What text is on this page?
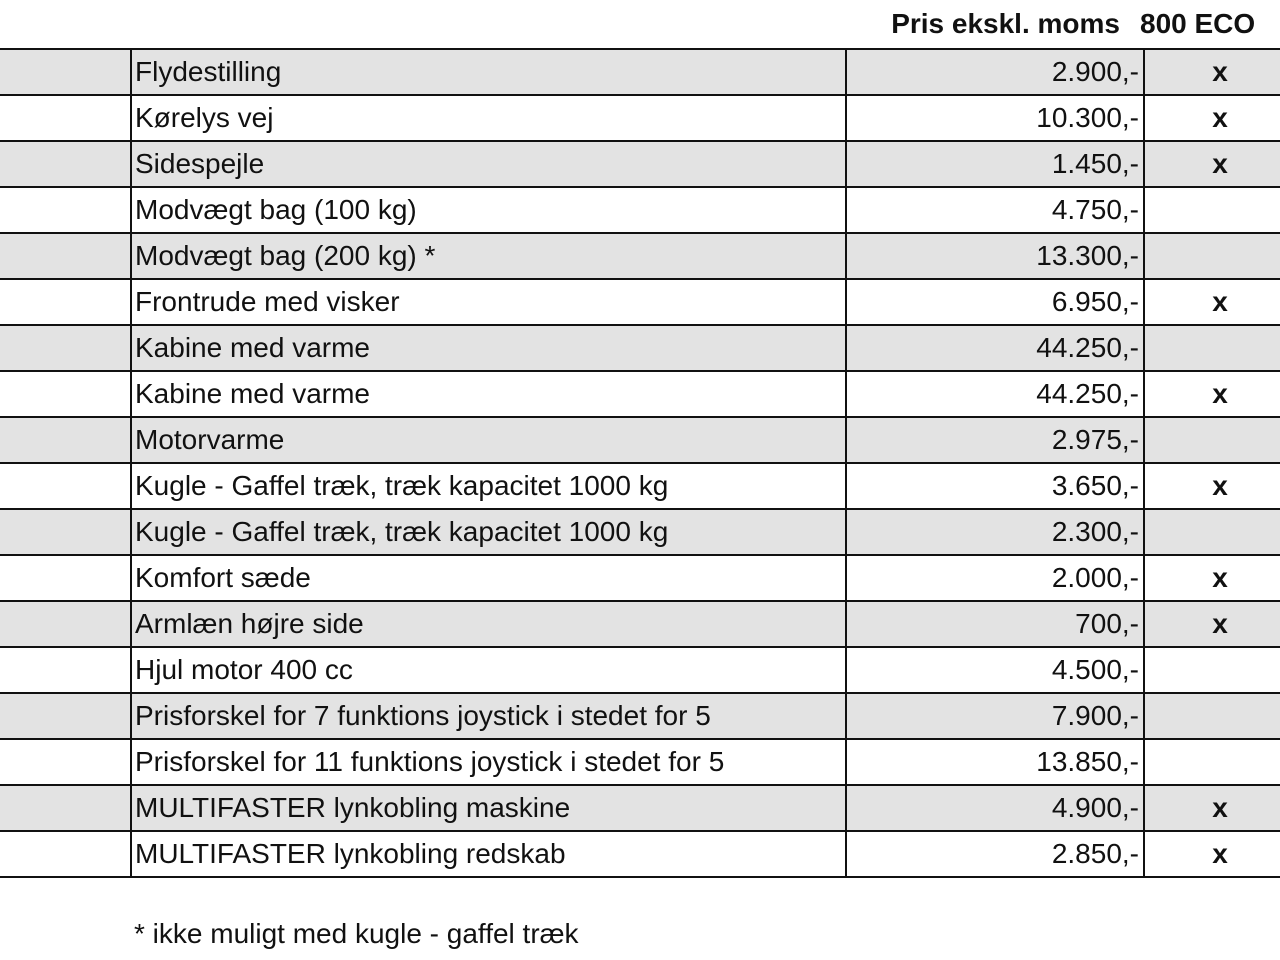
Pris ekskl. moms 800 ECO
	Flydestilling	2.900,-	x
	Kørelys vej	10.300,-	x
	Sidespejle	1.450,-	x
	Modvægt bag (100 kg)	4.750,-	
	Modvægt bag (200 kg) *	13.300,-	
	Frontrude med visker	6.950,-	x
	Kabine med varme	44.250,-	
	Kabine med varme	44.250,-	x
	Motorvarme	2.975,-	
	Kugle - Gaffel træk, træk kapacitet 1000 kg	3.650,-	x
	Kugle - Gaffel træk, træk kapacitet 1000 kg	2.300,-	
	Komfort sæde	2.000,-	x
	Armlæn højre side	700,-	x
	Hjul motor 400 cc	4.500,-	
	Prisforskel for 7 funktions joystick i stedet for 5	7.900,-	
	Prisforskel for 11 funktions joystick i stedet for 5	13.850,-	
	MULTIFASTER lynkobling maskine	4.900,-	x
	MULTIFASTER lynkobling redskab	2.850,-	x
* ikke muligt med kugle - gaffel træk
